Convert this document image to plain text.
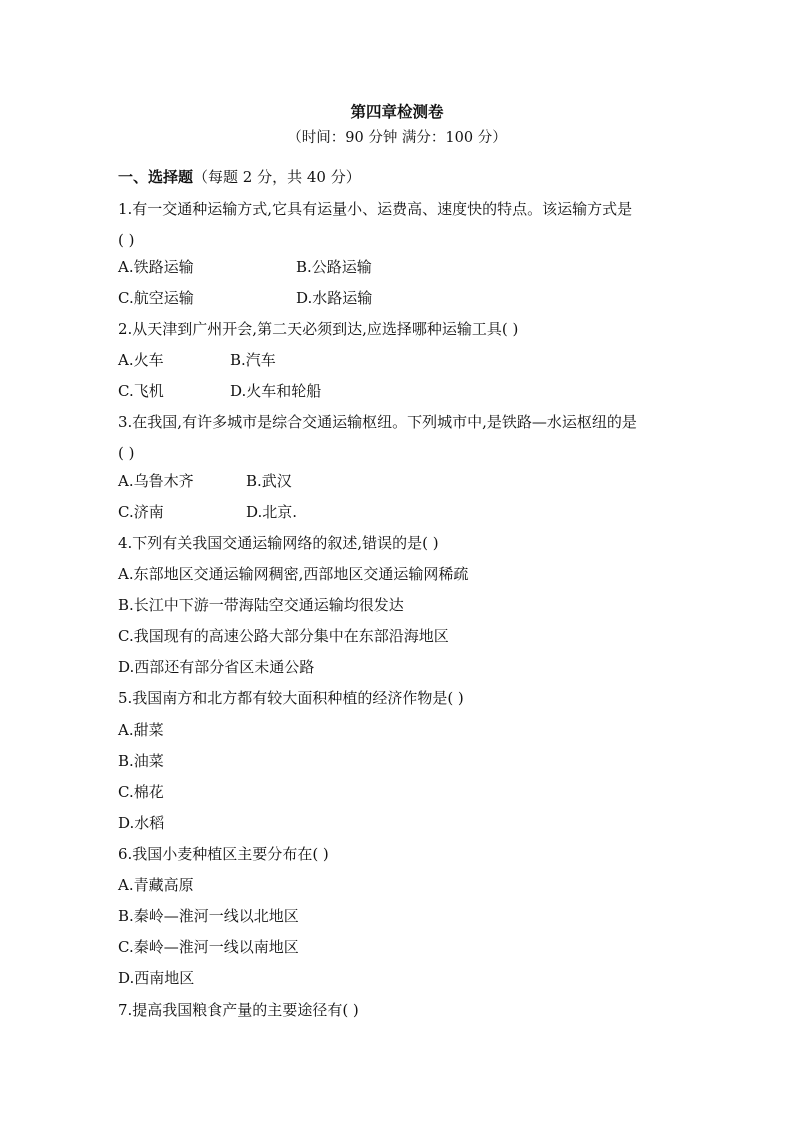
第四章检测卷
（时间：90 分钟 满分：100 分）
一、选择题（每题 2 分，共 40 分）
1.有一交通种运输方式,它具有运量小、运费高、速度快的特点。该运输方式是
( )
A.铁路运输	B.公路运输
C.航空运输	D.水路运输
2.从天津到广州开会,第二天必须到达,应选择哪种运输工具( )
A.火车	B.汽车
C.飞机	D.火车和轮船
3.在我国,有许多城市是综合交通运输枢纽。下列城市中,是铁路—水运枢纽的是
( )
A.乌鲁木齐	B.武汉
C.济南	D.北京.
4.下列有关我国交通运输网络的叙述,错误的是( )
A.东部地区交通运输网稠密,西部地区交通运输网稀疏
B.长江中下游一带海陆空交通运输均很发达
C.我国现有的高速公路大部分集中在东部沿海地区
D.西部还有部分省区未通公路
5.我国南方和北方都有较大面积种植的经济作物是( )
A.甜菜
B.油菜
C.棉花
D.水稻
6.我国小麦种植区主要分布在( )
A.青藏高原
B.秦岭—淮河一线以北地区
C.秦岭—淮河一线以南地区
D.西南地区
7.提高我国粮食产量的主要途径有( )
